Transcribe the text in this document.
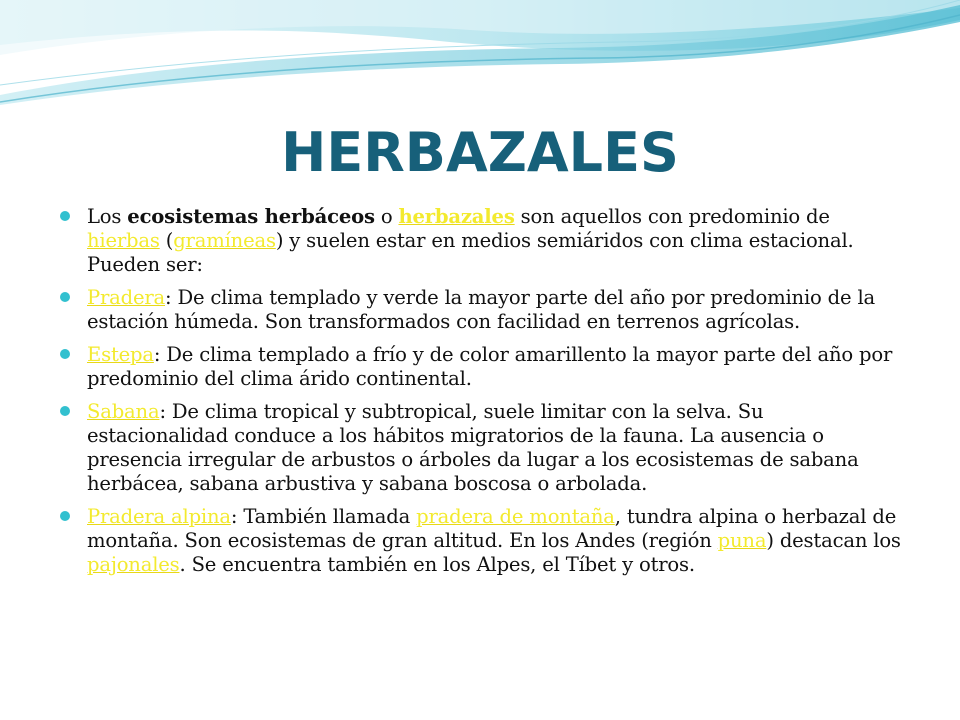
HERBAZALES
Los ecosistemas herbáceos o herbazales son aquellos con predominio de hierbas (gramíneas) y suelen estar en medios semiáridos con clima estacional. Pueden ser:
Pradera: De clima templado y verde la mayor parte del año por predominio de la estación húmeda. Son transformados con facilidad en terrenos agrícolas.
Estepa: De clima templado a frío y de color amarillento la mayor parte del año por predominio del clima árido continental.
Sabana: De clima tropical y subtropical, suele limitar con la selva. Su estacionalidad conduce a los hábitos migratorios de la fauna. La ausencia o presencia irregular de arbustos o árboles da lugar a los ecosistemas de sabana herbácea, sabana arbustiva y sabana boscosa o arbolada.
Pradera alpina: También llamada pradera de montaña, tundra alpina o herbazal de montaña. Son ecosistemas de gran altitud. En los Andes (región puna) destacan los pajonales. Se encuentra también en los Alpes, el Tíbet y otros.
